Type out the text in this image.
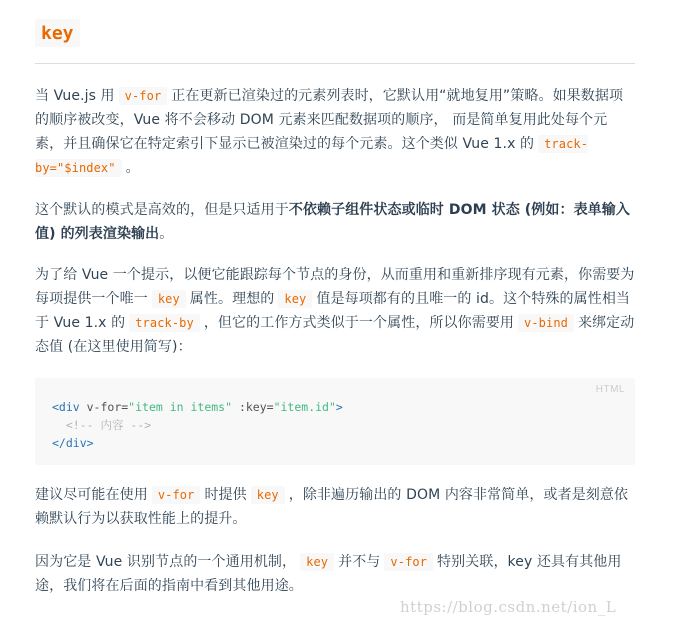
key

当 Vue.js 用 v-for 正在更新已渲染过的元素列表时，它默认用“就地复用”策略。如果数据项的顺序被改变，Vue 将不会移动 DOM 元素来匹配数据项的顺序， 而是简单复用此处每个元素，并且确保它在特定索引下显示已被渲染过的每个元素。这个类似 Vue 1.x 的 track-by="$index" 。

这个默认的模式是高效的，但是只适用于不依赖子组件状态或临时 DOM 状态 (例如：表单输入值) 的列表渲染输出。

为了给 Vue 一个提示，以便它能跟踪每个节点的身份，从而重用和重新排序现有元素，你需要为每项提供一个唯一 key 属性。理想的 key 值是每项都有的且唯一的 id。这个特殊的属性相当于 Vue 1.x 的 track-by ，但它的工作方式类似于一个属性，所以你需要用 v-bind 来绑定动态值 (在这里使用简写)：

HTML
<div v-for="item in items" :key="item.id">
<!-- 内容 -->
</div>

建议尽可能在使用 v-for 时提供 key ，除非遍历输出的 DOM 内容非常简单，或者是刻意依赖默认行为以获取性能上的提升。

因为它是 Vue 识别节点的一个通用机制， key 并不与 v-for 特别关联，key 还具有其他用途，我们将在后面的指南中看到其他用途。

https://blog.csdn.net/ion_L
